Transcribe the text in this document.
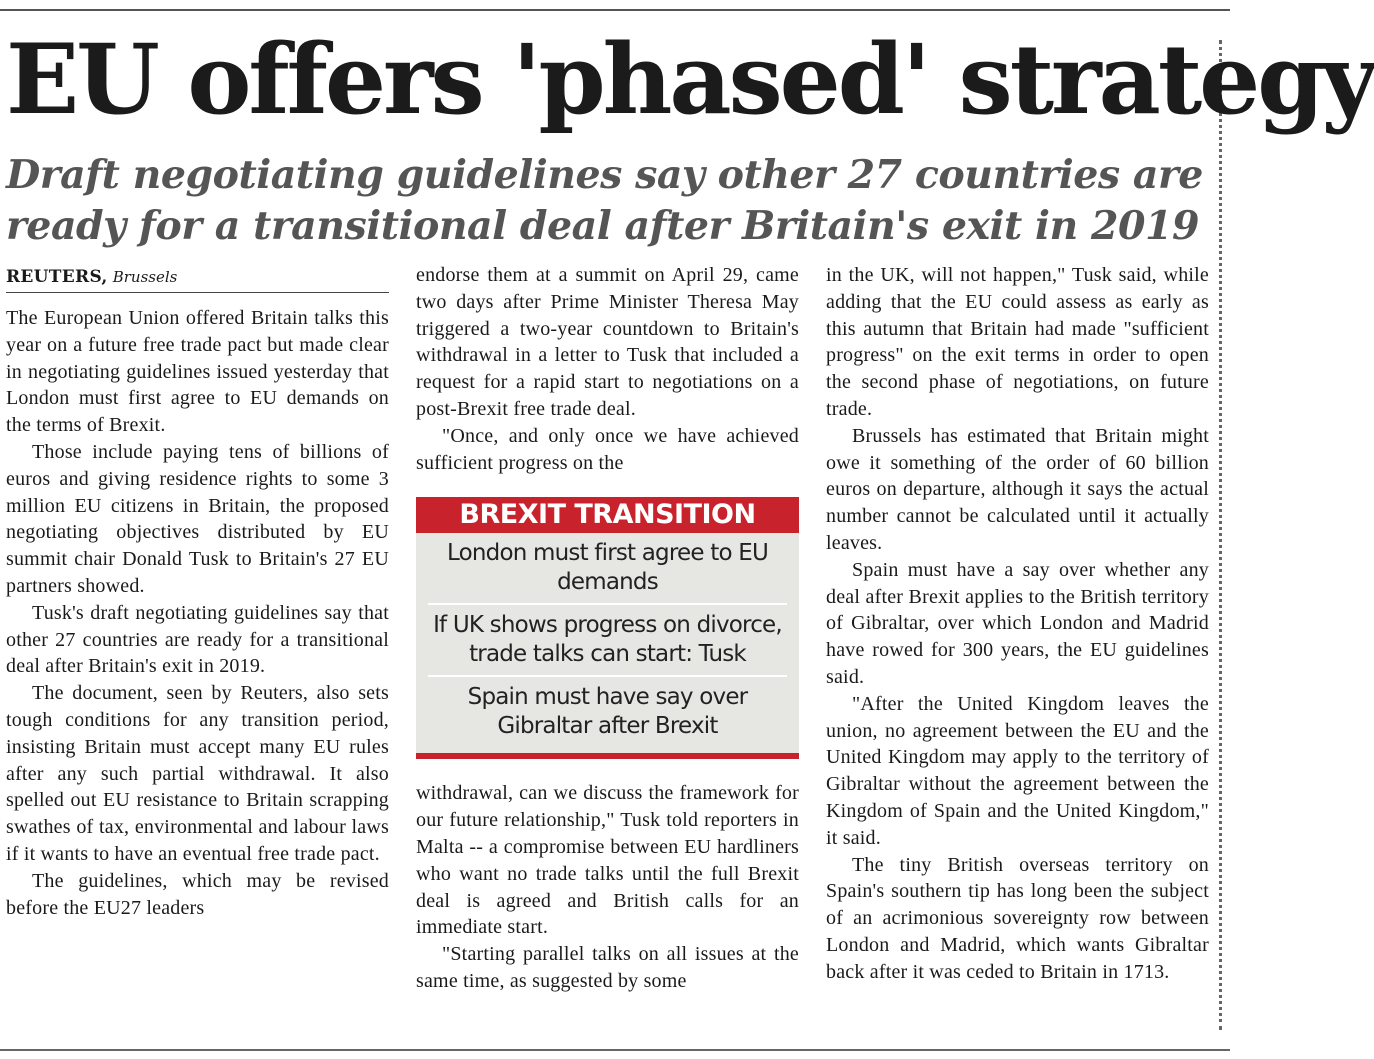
EU offers 'phased' strategy
Draft negotiating guidelines say other 27 countries are
ready for a transitional deal after Britain's exit in 2019
REUTERS, Brussels

The European Union offered Britain talks this year on a future free trade pact but made clear in negotiating guidelines issued yesterday that London must first agree to EU demands on the terms of Brexit.

Those include paying tens of billions of euros and giving residence rights to some 3 million EU citizens in Britain, the proposed negotiating objectives distributed by EU summit chair Donald Tusk to Britain's 27 EU partners showed.

Tusk's draft negotiating guidelines say that other 27 countries are ready for a transitional deal after Britain's exit in 2019.

The document, seen by Reuters, also sets tough conditions for any transition period, insisting Britain must accept many EU rules after any such partial withdrawal. It also spelled out EU resistance to Britain scrapping swathes of tax, environmental and labour laws if it wants to have an eventual free trade pact.

The guidelines, which may be revised before the EU27 leaders

endorse them at a summit on April 29, came two days after Prime Minister Theresa May triggered a two-year countdown to Britain's withdrawal in a letter to Tusk that included a request for a rapid start to negotiations on a post-Brexit free trade deal.

"Once, and only once we have achieved sufficient progress on the

BREXIT TRANSITION
London must first agree to EU demands
If UK shows progress on divorce,
trade talks can start: Tusk
Spain must have say over
Gibraltar after Brexit

withdrawal, can we discuss the framework for our future relationship," Tusk told reporters in Malta -- a compromise between EU hardliners who want no trade talks until the full Brexit deal is agreed and British calls for an immediate start.

"Starting parallel talks on all issues at the same time, as suggested by some

in the UK, will not happen," Tusk said, while adding that the EU could assess as early as this autumn that Britain had made "sufficient progress" on the exit terms in order to open the second phase of negotiations, on future trade.

Brussels has estimated that Britain might owe it something of the order of 60 billion euros on departure, although it says the actual number cannot be calculated until it actually leaves.

Spain must have a say over whether any deal after Brexit applies to the British territory of Gibraltar, over which London and Madrid have rowed for 300 years, the EU guidelines said.

"After the United Kingdom leaves the union, no agreement between the EU and the United Kingdom may apply to the territory of Gibraltar without the agreement between the Kingdom of Spain and the United Kingdom," it said.

The tiny British overseas territory on Spain's southern tip has long been the subject of an acrimonious sovereignty row between London and Madrid, which wants Gibraltar back after it was ceded to Britain in 1713.
